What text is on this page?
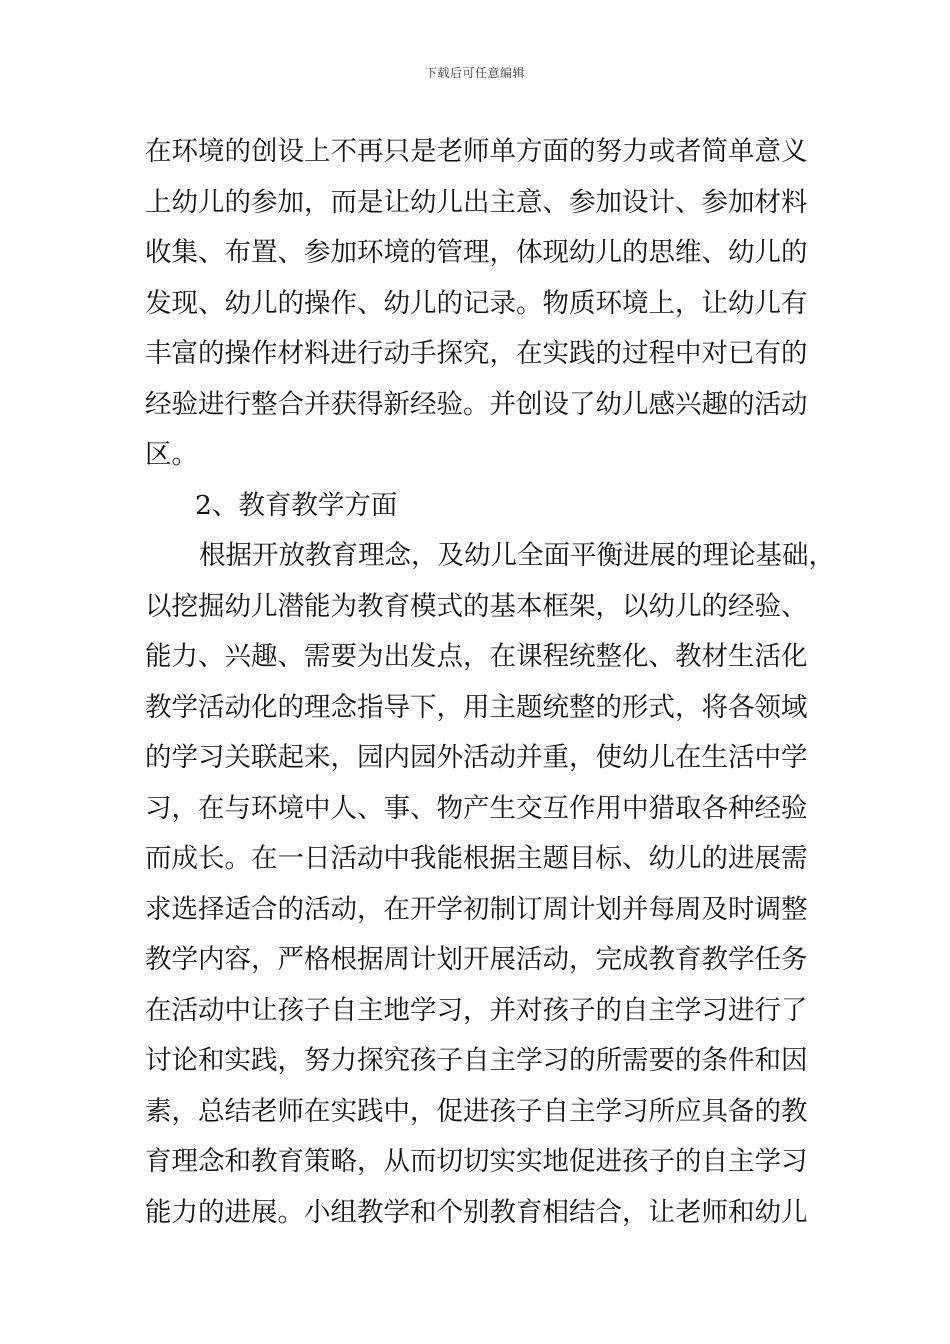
下载后可任意编辑
在环境的创设上不再只是老师单方面的努力或者简单意义
上幼儿的参加，而是让幼儿出主意、参加设计、参加材料
收集、布置、参加环境的管理，体现幼儿的思维、幼儿的
发现、幼儿的操作、幼儿的记录。物质环境上，让幼儿有
丰富的操作材料进行动手探究，在实践的过程中对已有的
经验进行整合并获得新经验。并创设了幼儿感兴趣的活动
区。
2、教育教学方面
根据开放教育理念，及幼儿全面平衡进展的理论基础，
以挖掘幼儿潜能为教育模式的基本框架，以幼儿的经验、
能力、兴趣、需要为出发点，在课程统整化、教材生活化
教学活动化的理念指导下，用主题统整的形式，将各领域
的学习关联起来，园内园外活动并重，使幼儿在生活中学
习，在与环境中人、事、物产生交互作用中猎取各种经验
而成长。在一日活动中我能根据主题目标、幼儿的进展需
求选择适合的活动，在开学初制订周计划并每周及时调整
教学内容，严格根据周计划开展活动，完成教育教学任务
在活动中让孩子自主地学习，并对孩子的自主学习进行了
讨论和实践，努力探究孩子自主学习的所需要的条件和因
素，总结老师在实践中，促进孩子自主学习所应具备的教
育理念和教育策略，从而切切实实地促进孩子的自主学习
能力的进展。小组教学和个别教育相结合，让老师和幼儿
